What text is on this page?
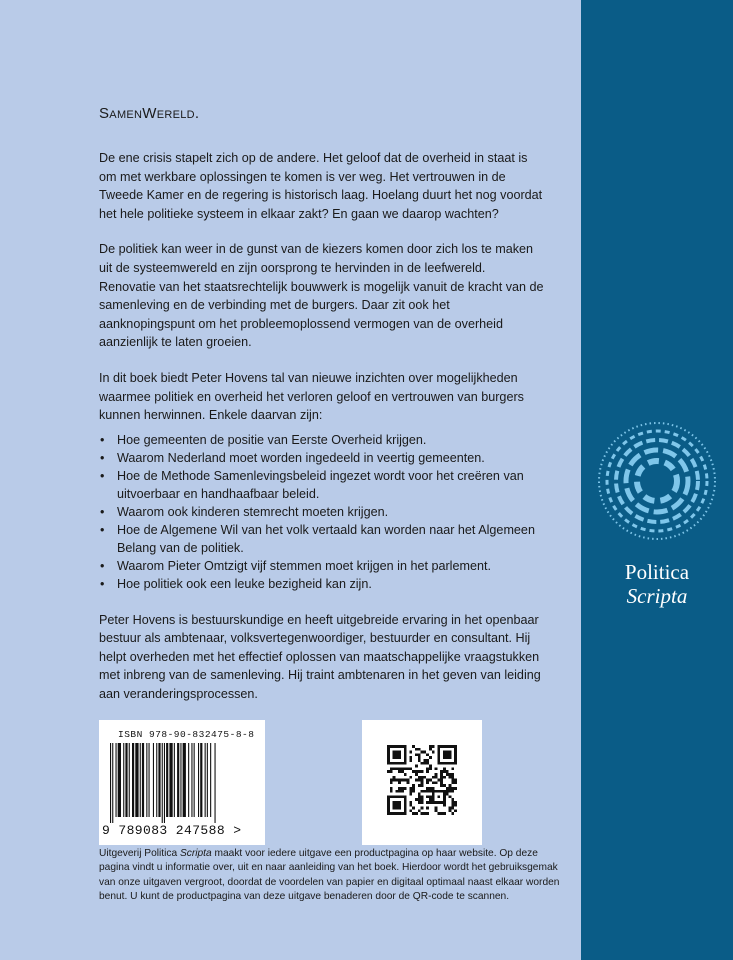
Politica
Scripta
SamenWereld.

De ene crisis stapelt zich op de andere. Het geloof dat de overheid in staat is om met werkbare oplossingen te komen is ver weg. Het vertrouwen in de Tweede Kamer en de regering is historisch laag. Hoelang duurt het nog voordat het hele politieke systeem in elkaar zakt? En gaan we daarop wachten?

De politiek kan weer in de gunst van de kiezers komen door zich los te maken uit de systeemwereld en zijn oorsprong te hervinden in de leefwereld. Renovatie van het staatsrechtelijk bouwwerk is mogelijk vanuit de kracht van de samenleving en de verbinding met de burgers. Daar zit ook het aanknopingspunt om het probleemoplossend vermogen van de overheid aanzienlijk te laten groeien.

In dit boek biedt Peter Hovens tal van nieuwe inzichten over mogelijkheden waarmee politiek en overheid het verloren geloof en vertrouwen van burgers kunnen herwinnen. Enkele daarvan zijn:

• Hoe gemeenten de positie van Eerste Overheid krijgen.
• Waarom Nederland moet worden ingedeeld in veertig gemeenten.
• Hoe de Methode Samenlevingsbeleid ingezet wordt voor het creëren van uitvoerbaar en handhaafbaar beleid.
• Waarom ook kinderen stemrecht moeten krijgen.
• Hoe de Algemene Wil van het volk vertaald kan worden naar het Algemeen Belang van de politiek.
• Waarom Pieter Omtzigt vijf stemmen moet krijgen in het parlement.
• Hoe politiek ook een leuke bezigheid kan zijn.

Peter Hovens is bestuurskundige en heeft uitgebreide ervaring in het openbaar bestuur als ambtenaar, volksvertegenwoordiger, bestuurder en consultant. Hij helpt overheden met het effectief oplossen van maatschappelijke vraagstukken met inbreng van de samenleving. Hij traint ambtenaren in het geven van leiding aan veranderingsprocessen.

ISBN 978-90-832475-8-8
9 789083 247588 >
Uitgeverij Politica Scripta maakt voor iedere uitgave een productpagina op haar website. Op deze pagina vindt u informatie over, uit en naar aanleiding van het boek. Hierdoor wordt het gebruiksgemak van onze uitgaven vergroot, doordat de voordelen van papier en digitaal optimaal naast elkaar worden benut. U kunt de productpagina van deze uitgave benaderen door de QR-code te scannen.
